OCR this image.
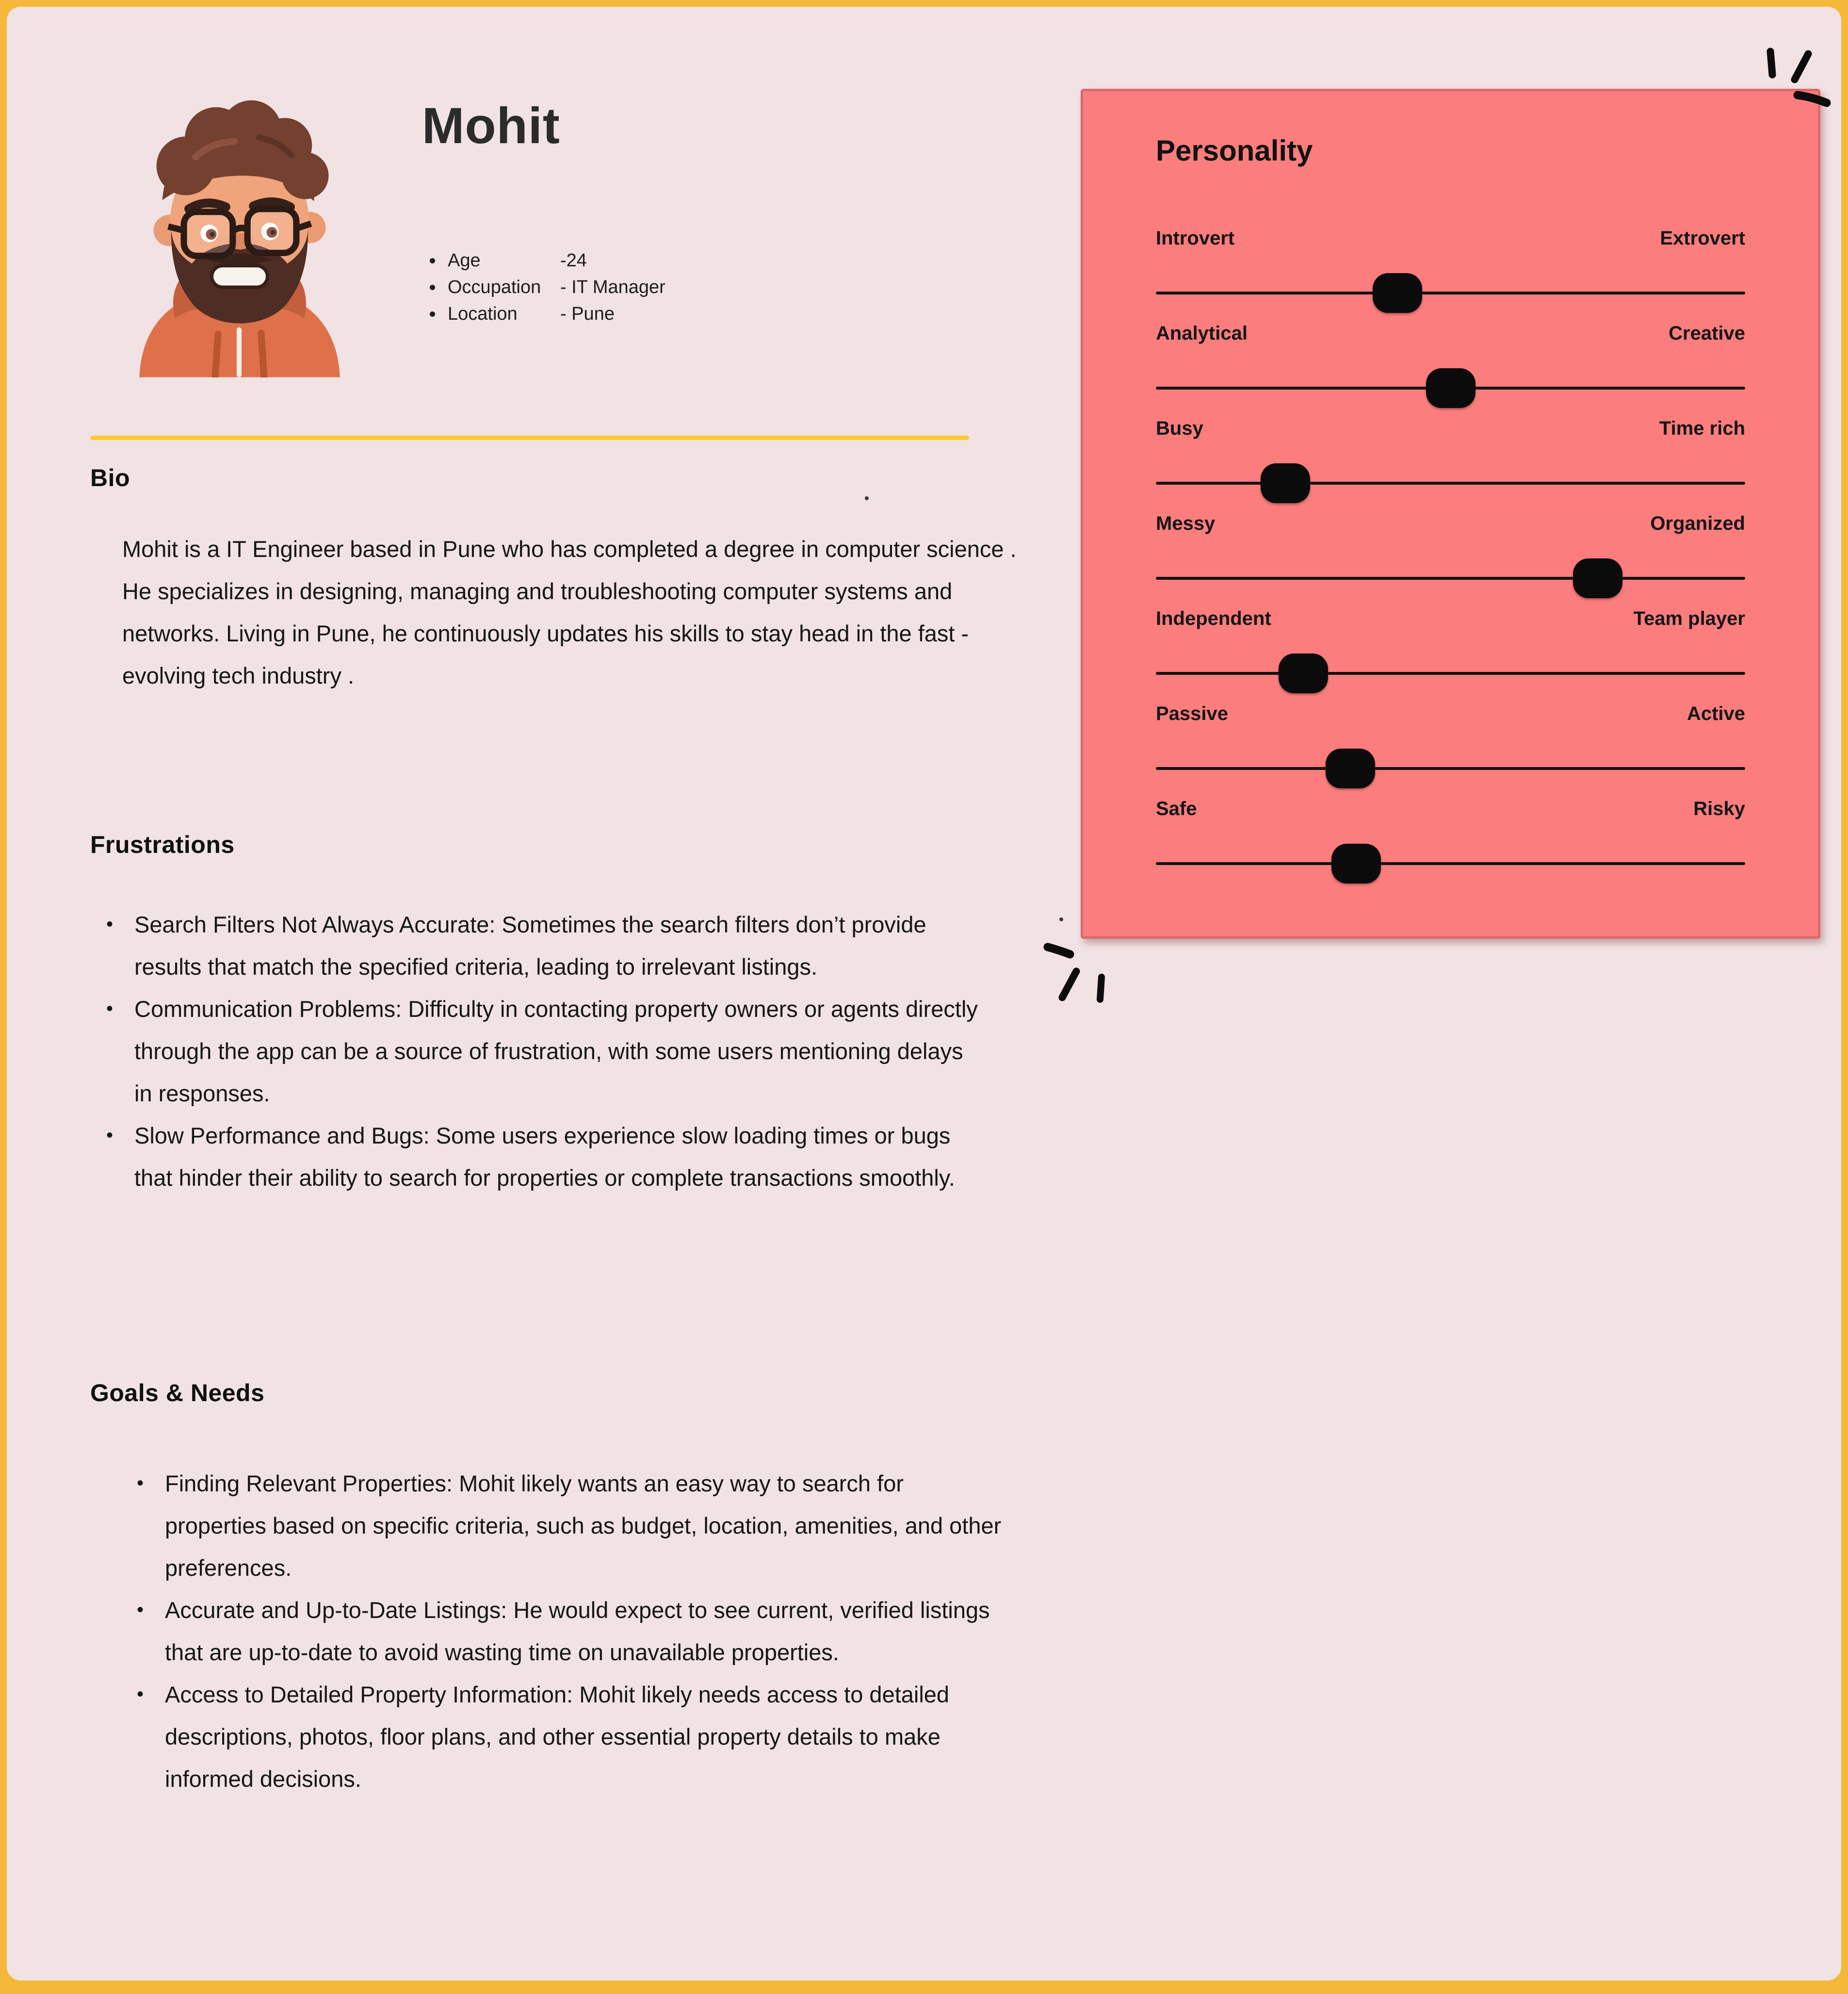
Mohit
Age	-24
Occupation	- IT Manager
Location	- Pune
Bio

Mohit is a IT Engineer based in Pune who has completed a degree in computer science . He specializes in designing, managing and troubleshooting computer systems and networks. Living in Pune, he continuously updates his skills to stay head in the fast - evolving tech industry .

Frustrations
• Search Filters Not Always Accurate: Sometimes the search filters don’t provide results that match the specified criteria, leading to irrelevant listings.
• Communication Problems: Difficulty in contacting property owners or agents directly through the app can be a source of frustration, with some users mentioning delays in responses.
• Slow Performance and Bugs: Some users experience slow loading times or bugs that hinder their ability to search for properties or complete transactions smoothly.
Goals & Needs
• Finding Relevant Properties: Mohit likely wants an easy way to search for properties based on specific criteria, such as budget, location, amenities, and other preferences.
• Accurate and Up-to-Date Listings: He would expect to see current, verified listings that are up-to-date to avoid wasting time on unavailable properties.
• Access to Detailed Property Information: Mohit likely needs access to detailed descriptions, photos, floor plans, and other essential property details to make informed decisions.
Personality
Introvert	Extrovert
Analytical	Creative
Busy	Time rich
Messy	Organized
Independent	Team player
Passive	Active
Safe	Risky
